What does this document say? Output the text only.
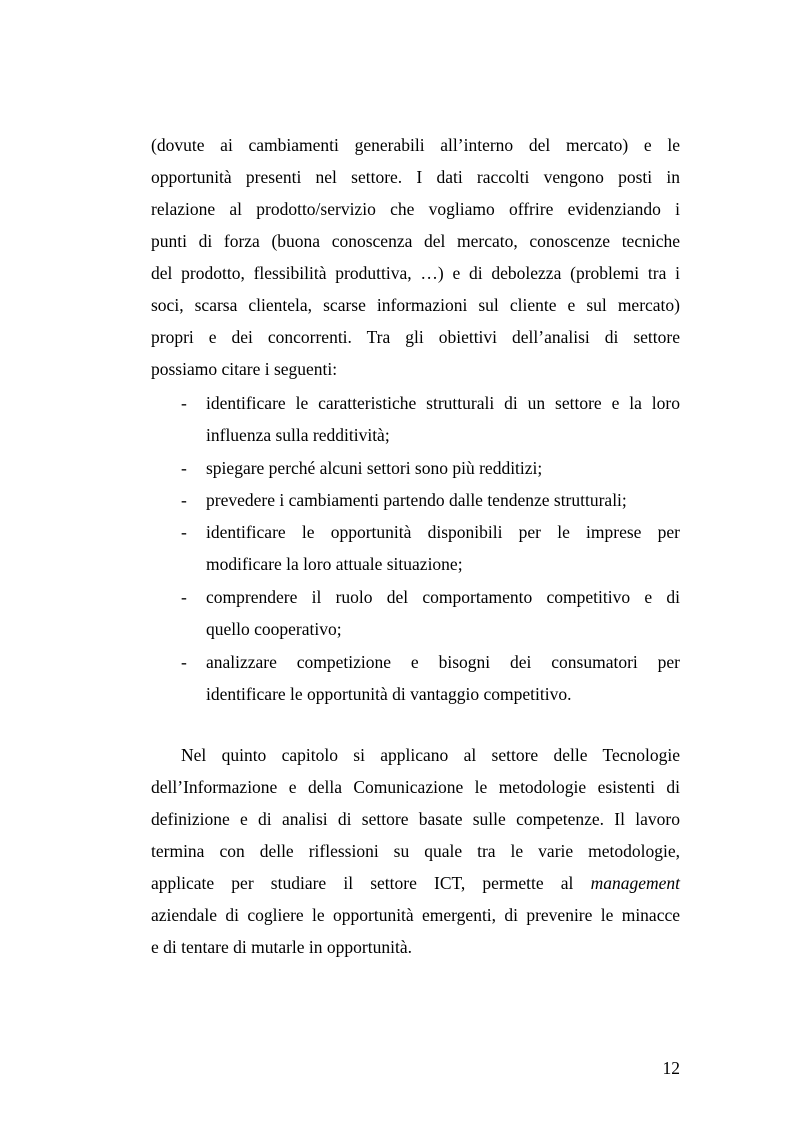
(dovute ai cambiamenti generabili all’interno del mercato) e le
opportunità presenti nel settore. I dati raccolti vengono posti in
relazione al prodotto/servizio che vogliamo offrire evidenziando i
punti di forza (buona conoscenza del mercato, conoscenze tecniche
del prodotto, flessibilità produttiva, …) e di debolezza (problemi tra i
soci, scarsa clientela, scarse informazioni sul cliente e sul mercato)
propri e dei concorrenti. Tra gli obiettivi dell’analisi di settore
possiamo citare i seguenti:
- identificare le caratteristiche strutturali di un settore e la loro
influenza sulla redditività;
- spiegare perché alcuni settori sono più redditizi;
- prevedere i cambiamenti partendo dalle tendenze strutturali;
- identificare le opportunità disponibili per le imprese per
modificare la loro attuale situazione;
- comprendere il ruolo del comportamento competitivo e di
quello cooperativo;
- analizzare competizione e bisogni dei consumatori per
identificare le opportunità di vantaggio competitivo.
Nel quinto capitolo si applicano al settore delle Tecnologie
dell’Informazione e della Comunicazione le metodologie esistenti di
definizione e di analisi di settore basate sulle competenze. Il lavoro
termina con delle riflessioni su quale tra le varie metodologie,
applicate per studiare il settore ICT, permette al management
aziendale di cogliere le opportunità emergenti, di prevenire le minacce
e di tentare di mutarle in opportunità.
12
